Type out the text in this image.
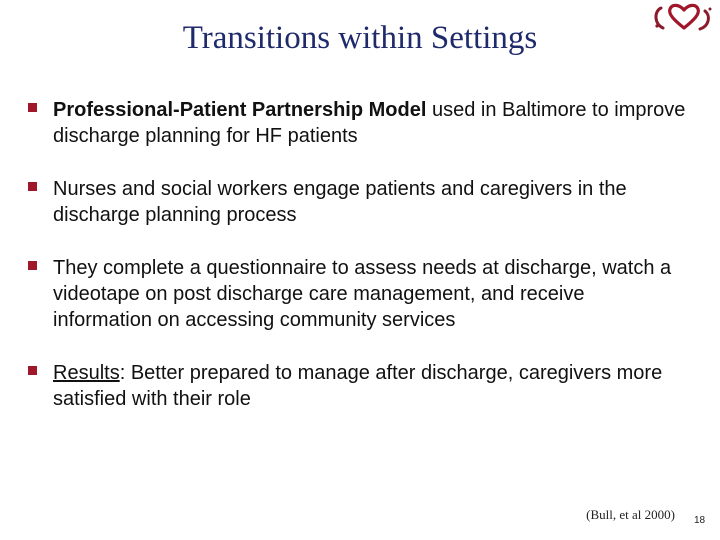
Transitions within Settings
Professional-Patient Partnership Model used in Baltimore to improve discharge planning for HF patients
Nurses and social workers engage patients and caregivers in the discharge planning process
They complete a questionnaire to assess needs at discharge, watch a videotape on post discharge care management, and receive information on accessing community services
Results: Better prepared to manage after discharge, caregivers more satisfied with their role
(Bull, et al 2000) 18
